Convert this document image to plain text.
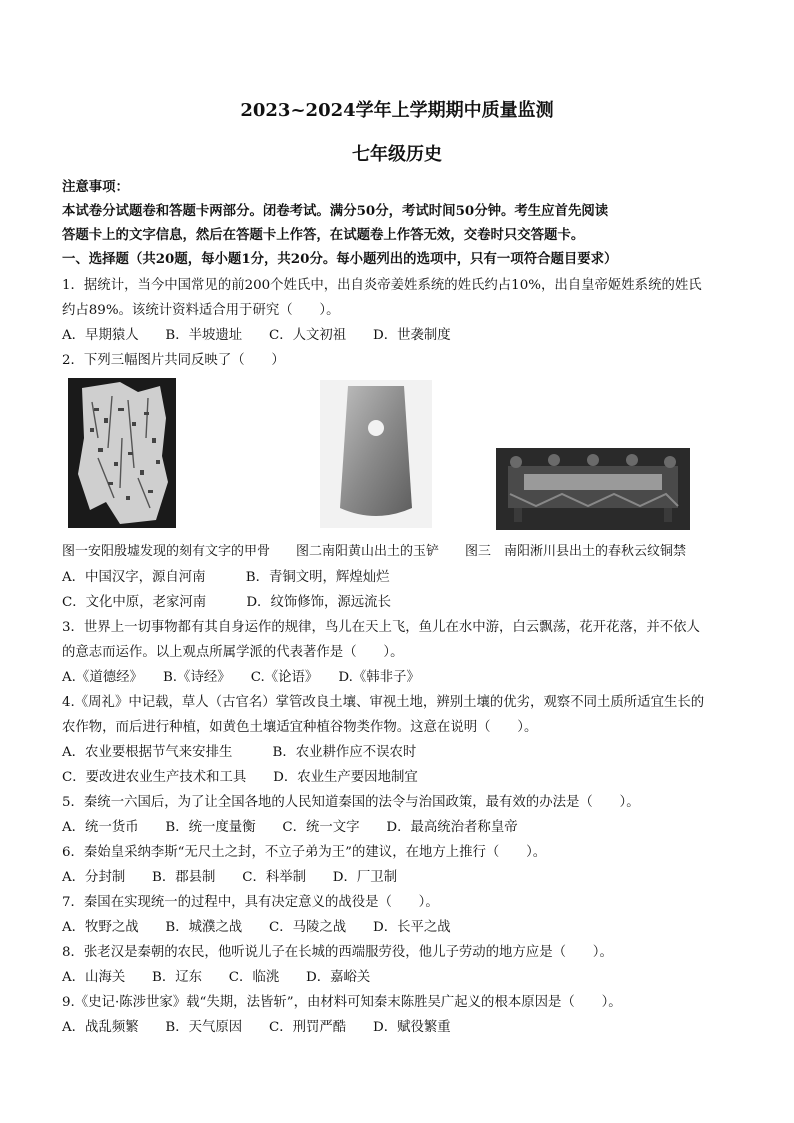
2023~2024学年上学期期中质量监测
七年级历史
注意事项：
本试卷分试题卷和答题卡两部分。闭卷考试。满分50分，考试时间50分钟。考生应首先阅读
答题卡上的文字信息，然后在答题卡上作答，在试题卷上作答无效，交卷时只交答题卡。
一、选择题（共20题，每小题1分，共20分。每小题列出的选项中，只有一项符合题目要求）
1．据统计，当今中国常见的前200个姓氏中，出自炎帝姜姓系统的姓氏约占10%，出自皇帝姬姓系统的姓氏
约占89%。该统计资料适合用于研究（　　）。
A．早期猿人　　B．半坡遗址　　C．人文初祖　　D．世袭制度
2．下列三幅图片共同反映了（　　）
图一安阳殷墟发现的刻有文字的甲骨　　图二南阳黄山出土的玉铲　　图三　南阳淅川县出土的春秋云纹铜禁
A．中国汉字，源自河南　　　B．青铜文明，辉煌灿烂
C．文化中原，老家河南　　　D．纹饰修饰，源远流长
3．世界上一切事物都有其自身运作的规律，鸟儿在天上飞，鱼儿在水中游，白云飘荡，花开花落，并不依人
的意志而运作。以上观点所属学派的代表著作是（　　）。
A.《道德经》　　B.《诗经》　　C.《论语》　　D.《韩非子》
4.《周礼》中记载，草人（古官名）掌管改良土壤、审视土地，辨别土壤的优劣，观察不同土质所适宜生长的
农作物，而后进行种植，如黄色土壤适宜种植谷物类作物。这意在说明（　　）。
A．农业要根据节气来安排生　　　B．农业耕作应不误农时
C．要改进农业生产技术和工具　　D．农业生产要因地制宜
5．秦统一六国后，为了让全国各地的人民知道秦国的法令与治国政策，最有效的办法是（　　）。
A．统一货币　　B．统一度量衡　　C．统一文字　　D．最高统治者称皇帝
6．秦始皇采纳李斯“无尺土之封，不立子弟为王”的建议，在地方上推行（　　）。
A．分封制　　B．郡县制　　C．科举制　　D．厂卫制
7．秦国在实现统一的过程中，具有决定意义的战役是（　　）。
A．牧野之战　　B．城濮之战　　C．马陵之战　　D．长平之战
8．张老汉是秦朝的农民，他听说儿子在长城的西端服劳役，他儿子劳动的地方应是（　　）。
A．山海关　　B．辽东　　C．临洮　　D．嘉峪关
9.《史记·陈涉世家》载“失期，法皆斩”，由材料可知秦末陈胜吴广起义的根本原因是（　　）。
A．战乱频繁　　B．天气原因　　C．刑罚严酷　　D．赋役繁重
